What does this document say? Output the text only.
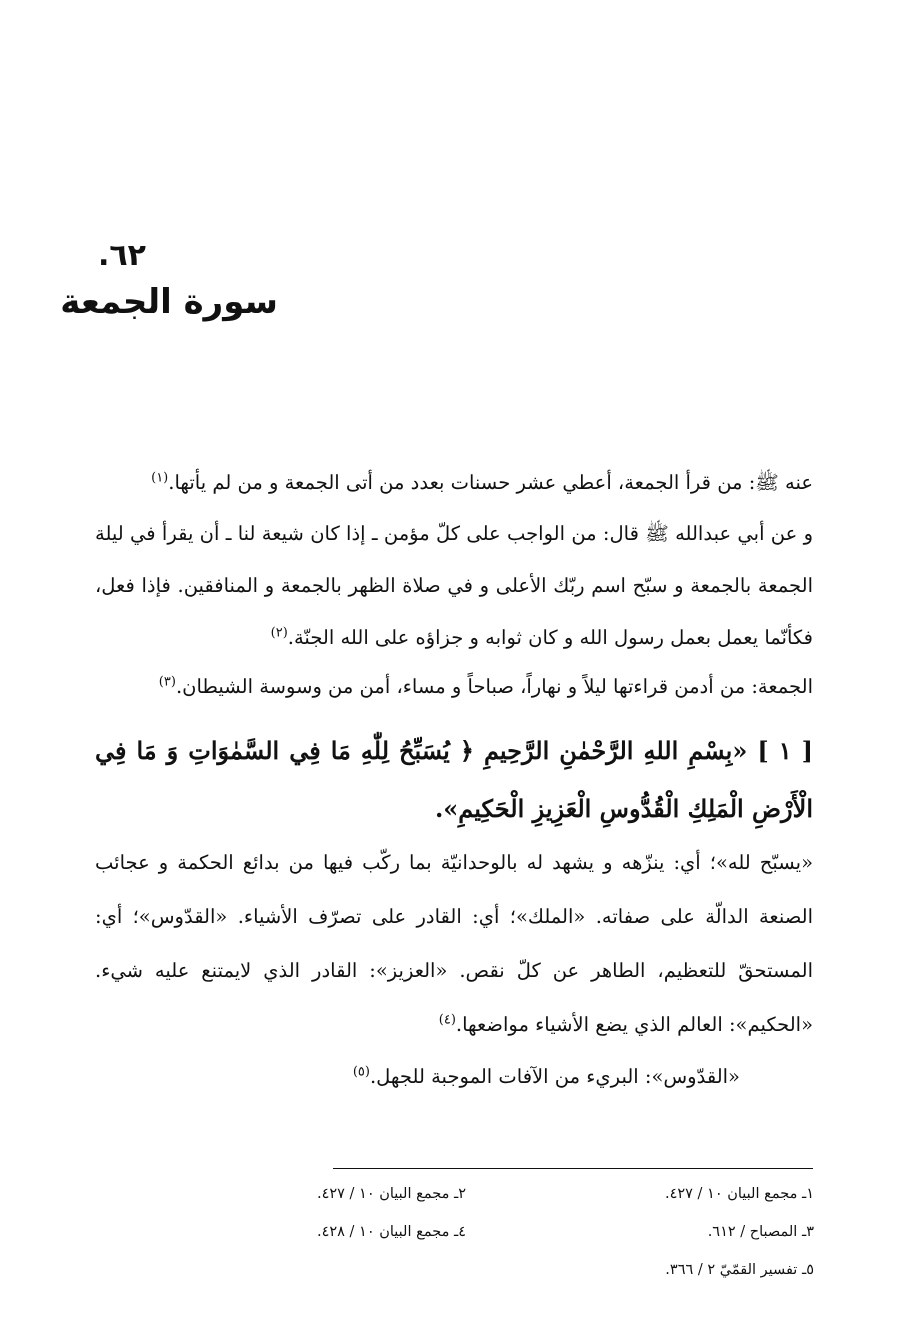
٦٢.
سورة الجمعة
عنه ﷺ: من قرأ الجمعة، أعطي عشر حسنات بعدد من أتى الجمعة و من لم يأتها.$^{(١)}$
و عن أبي عبدالله ﷺ قال: من الواجب على كلّ مؤمن ـ إذا كان شيعة لنا ـ أن يقرأ في ليلة الجمعة بالجمعة و سبّح اسم ربّك الأعلى و في صلاة الظهر بالجمعة و المنافقين. فإذا فعل، فكأنّما يعمل بعمل رسول الله و كان ثوابه و جزاؤه على الله الجنّة.$^{(٢)}$
الجمعة: من أدمن قراءتها ليلاً و نهاراً، صباحاً و مساء، أمن من وسوسة الشيطان.$^{(٣)}$
[ ١ ] «بِسْمِ اللهِ الرَّحْمٰنِ الرَّحِيمِ ﴿ يُسَبِّحُ لِلّٰهِ مَا فِي السَّمٰوَاتِ وَ مَا فِي الْأَرْضِ الْمَلِكِ الْقُدُّوسِ الْعَزِيزِ الْحَكِيمِ».
«يسبّح لله»؛ أي: ينزّهه و يشهد له بالوحدانيّة بما ركّب فيها من بدائع الحكمة و عجائب الصنعة الدالّة على صفاته. «الملك»؛ أي: القادر على تصرّف الأشياء. «القدّوس»؛ أي: المستحقّ للتعظيم، الطاهر عن كلّ نقص. «العزيز»: القادر الذي لايمتنع عليه شيء. «الحكيم»: العالم الذي يضع الأشياء مواضعها.$^{(٤)}$
«القدّوس»: البريء من الآفات الموجبة للجهل.$^{(٥)}$
١ـ مجمع البيان ١٠ / ٤٢٧.
٢ـ مجمع البيان ١٠ / ٤٢٧.
٣ـ المصباح / ٦١٢.
٤ـ مجمع البيان ١٠ / ٤٢٨.
٥ـ تفسير القمّيّ ٢ / ٣٦٦.
